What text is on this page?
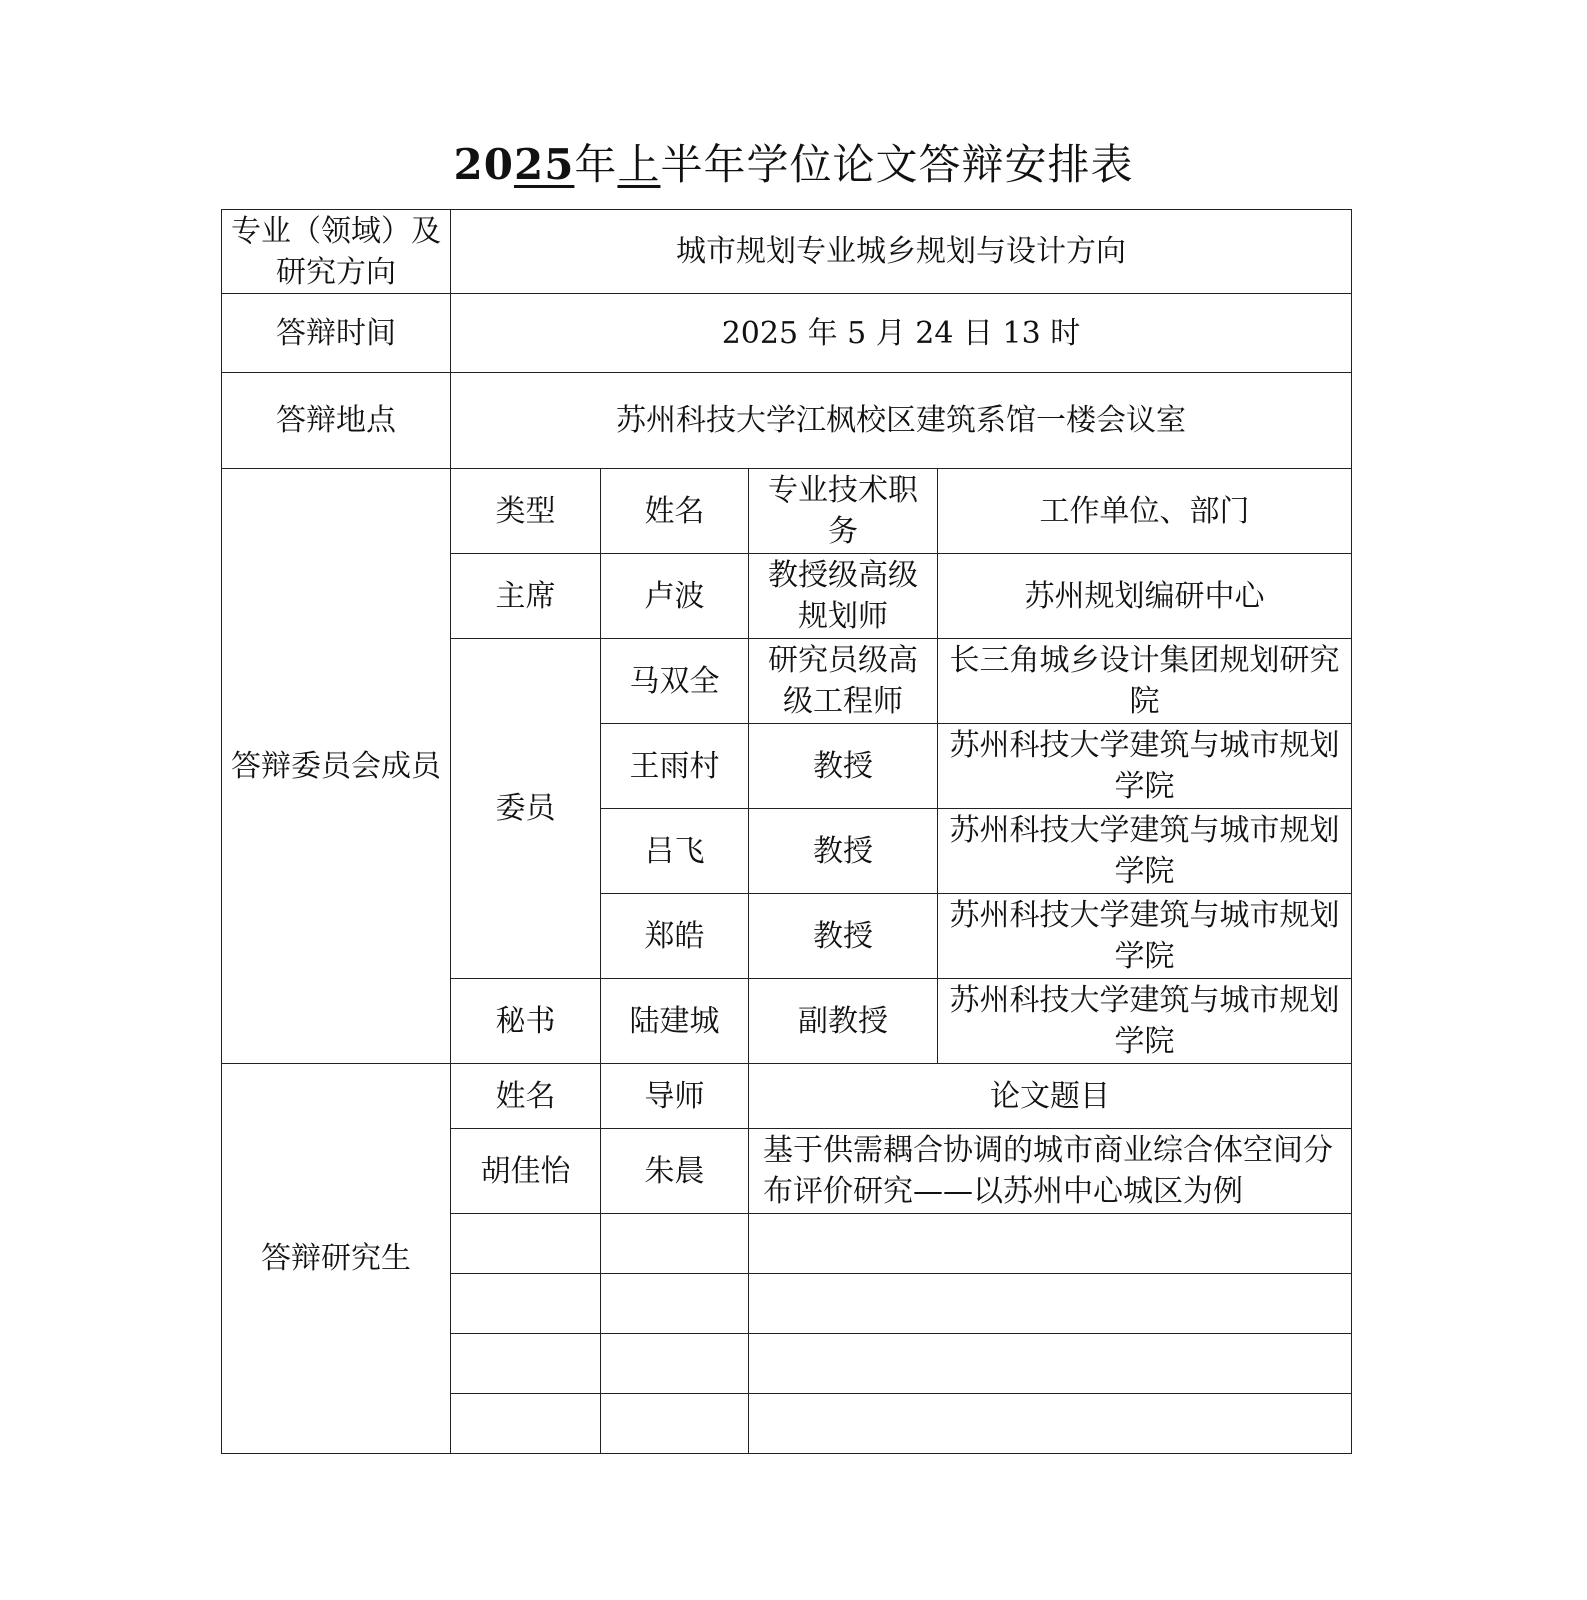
2025年上半年学位论文答辩安排表
专业（领域）及研究方向	城市规划专业城乡规划与设计方向			
答辩时间	2025 年 5 月 24 日 13 时			
答辩地点	苏州科技大学江枫校区建筑系馆一楼会议室			
答辩委员会成员	类型	姓名	专业技术职务	工作单位、部门
	主席	卢波	教授级高级规划师	苏州规划编研中心
	委员	马双全	研究员级高级工程师	长三角城乡设计集团规划研究院
		王雨村	教授	苏州科技大学建筑与城市规划学院
		吕飞	教授	苏州科技大学建筑与城市规划学院
		郑皓	教授	苏州科技大学建筑与城市规划学院
	秘书	陆建城	副教授	苏州科技大学建筑与城市规划学院
答辩研究生	姓名	导师	论文题目	
	胡佳怡	朱晨	基于供需耦合协调的城市商业综合体空间分布评价研究——以苏州中心城区为例	
